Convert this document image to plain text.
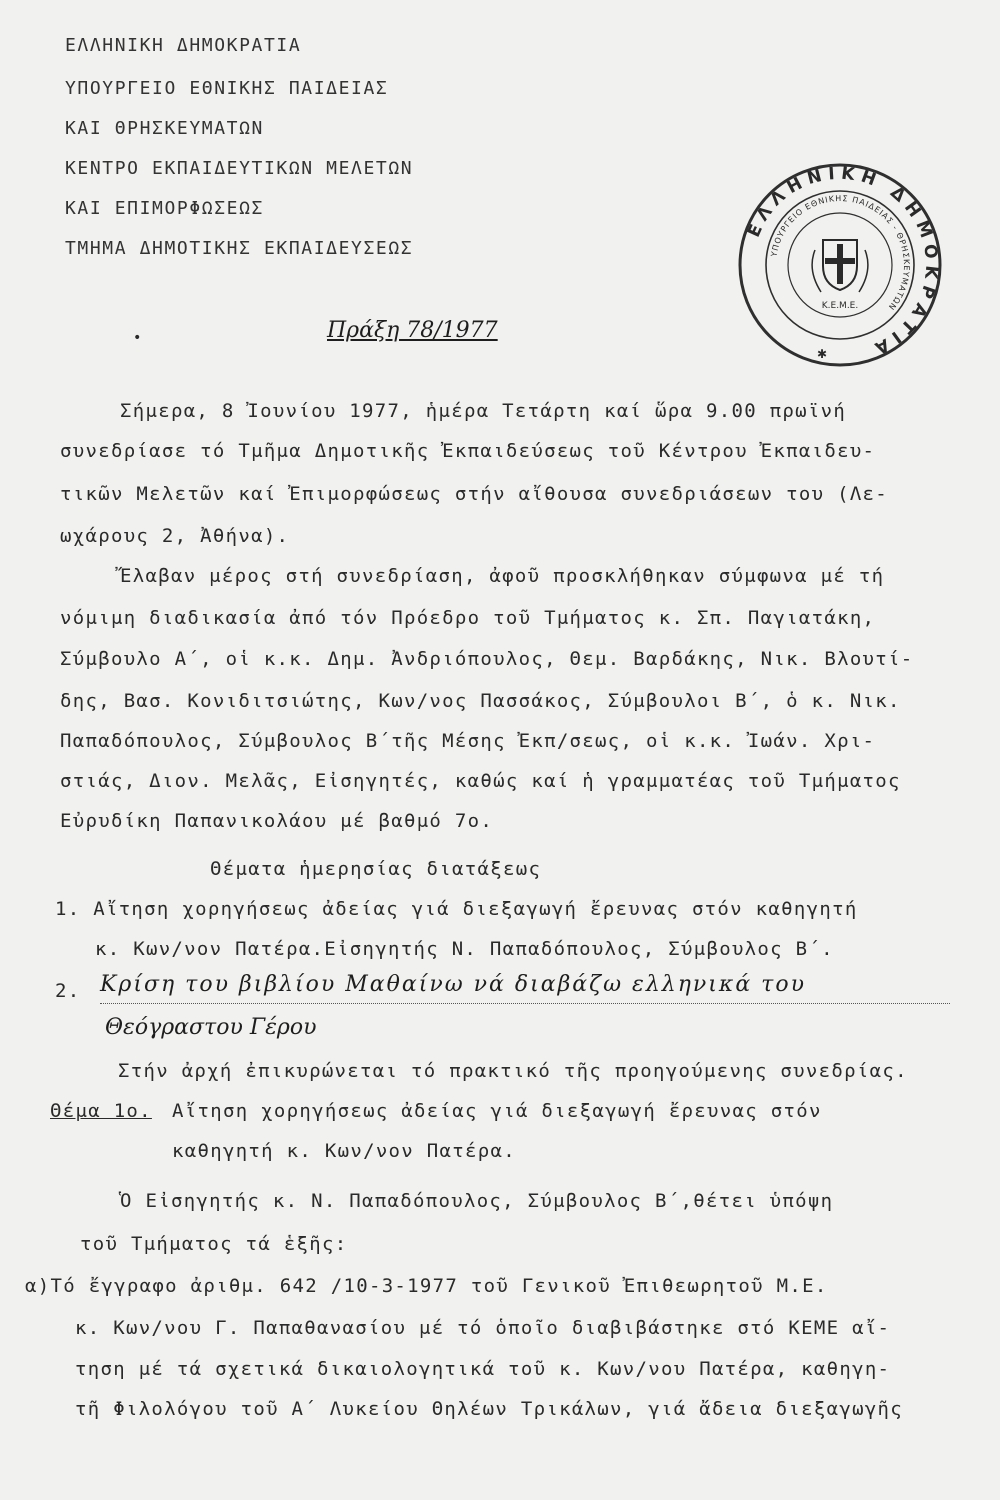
ΕΛΛΗΝΙΚΗ ΔΗΜΟΚΡΑΤΙΑ
ΥΠΟΥΡΓΕΙΟ ΕΘΝΙΚΗΣ ΠΑΙΔΕΙΑΣ
ΚΑΙ ΘΡΗΣΚΕΥΜΑΤΩΝ
ΚΕΝΤΡΟ ΕΚΠΑΙΔΕΥΤΙΚΩΝ ΜΕΛΕΤΩΝ
ΚΑΙ ΕΠΙΜΟΡΦΩΣΕΩΣ
ΤΜΗΜΑ ΔΗΜΟΤΙΚΗΣ ΕΚΠΑΙΔΕΥΣΕΩΣ
ΕΛΛΗΝΙΚΗ ΔΗΜΟΚΡΑΤΙΑ
ΥΠΟΥΡΓΕΙΟ ΕΘΝΙΚΗΣ ΠΑΙΔΕΙΑΣ - ΘΡΗΣΚΕΥΜΑΤΩΝ
Κ.Ε.Μ.Ε.
✱
Πράξη 78/1977
•
Σήμερα, 8 Ἰουνίου 1977, ἡμέρα Τετάρτη καί ὥρα 9.00 πρωϊνή
συνεδρίασε τό Τμῆμα Δημοτικῆς Ἐκπαιδεύσεως τοῦ Κέντρου Ἐκπαιδευ-
τικῶν Μελετῶν καί Ἐπιμορφώσεως στήν αἴθουσα συνεδριάσεων του (Λε-
ωχάρους 2, Ἀθήνα).
Ἔλαβαν μέρος στή συνεδρίαση, ἀφοῦ προσκλήθηκαν σύμφωνα μέ τή
νόμιμη διαδικασία ἀπό τόν Πρόεδρο τοῦ Τμήματος κ. Σπ. Παγιατάκη,
Σύμβουλο Α΄, οἱ κ.κ. Δημ. Ἀνδριόπουλος, Θεμ. Βαρδάκης, Νικ. Βλουτί-
δης, Βασ. Κονιδιτσιώτης, Κων/νος Πασσάκος, Σύμβουλοι Β΄, ὁ κ. Νικ.
Παπαδόπουλος, Σύμβουλος Β΄τῆς Μέσης Ἐκπ/σεως, οἱ κ.κ. Ἰωάν. Χρι-
στιάς, Διον. Μελᾶς, Εἰσηγητές, καθώς καί ἡ γραμματέας τοῦ Τμήματος
Εὐρυδίκη Παπανικολάου μέ βαθμό 7ο.
Θέματα ἡμερησίας διατάξεως
1. Αἴτηση χορηγήσεως ἀδείας γιά διεξαγωγή ἔρευνας στόν καθηγητή
κ. Κων/νον Πατέρα.Εἰσηγητής Ν. Παπαδόπουλος, Σύμβουλος Β΄.
2. Κρίση του βιβλίου Μαθαίνω νά διαβάζω ελληνικά του
Θεόγραστου Γέρου
Στήν ἀρχή ἐπικυρώνεται τό πρακτικό τῆς προηγούμενης συνεδρίας.
Θέμα 1ο. Αἴτηση χορηγήσεως ἀδείας γιά διεξαγωγή ἔρευνας στόν
καθηγητή κ. Κων/νον Πατέρα.
Ὁ Εἰσηγητής κ. Ν. Παπαδόπουλος, Σύμβουλος Β΄,θέτει ὑπόψη
τοῦ Τμήματος τά ἑξῆς:
α)Τό ἔγγραφο ἀριθμ. 642 /10-3-1977 τοῦ Γενικοῦ Ἐπιθεωρητοῦ Μ.Ε.
κ. Κων/νου Γ. Παπαθανασίου μέ τό ὁποῖο διαβιβάστηκε στό ΚΕΜΕ αἴ-
τηση μέ τά σχετικά δικαιολογητικά τοῦ κ. Κων/νου Πατέρα, καθηγη-
τῆ Φιλολόγου τοῦ Α΄ Λυκείου Θηλέων Τρικάλων, γιά ἄδεια διεξαγωγῆς
